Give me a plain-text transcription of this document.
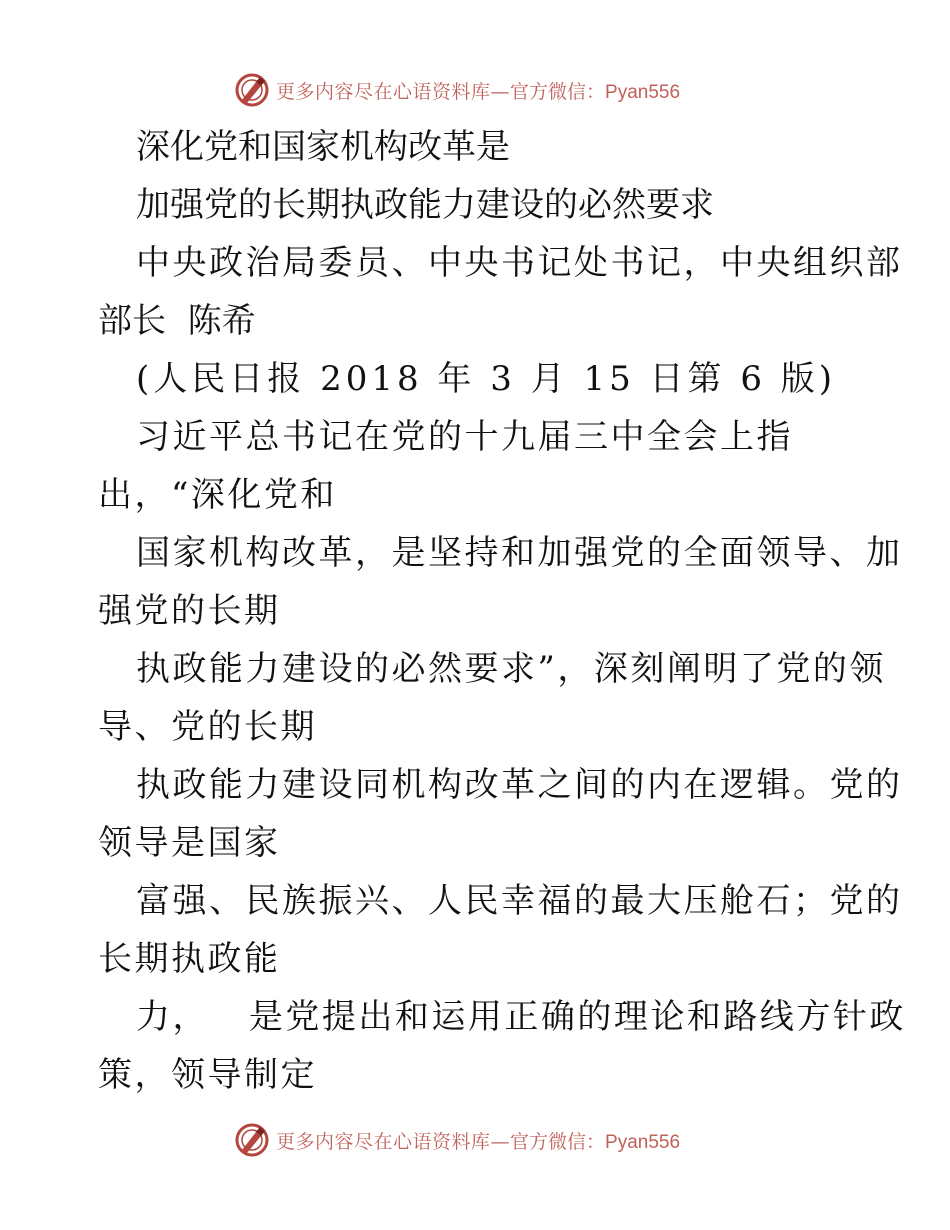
更多内容尽在心语资料库— 官方微信：Pyan556
深化党和国家机构改革是
加强党的长期执政能力建设的必然要求
中央政治局委员、中央书记处书记，中央组织部
部长  陈希
(人民日报 2018 年 3 月 15 日第 6 版)
习近平总书记在党的十九届三中全会上指
出，“深化党和
国家机构改革，是坚持和加强党的全面领导、加
强党的长期
执政能力建设的必然要求”，深刻阐明了党的领
导、党的长期
执政能力建设同机构改革之间的内在逻辑。党的
领导是国家
富强、民族振兴、人民幸福的最大压舱石；党的
长期执政能
力，   是党提出和运用正确的理论和路线方针政
策，领导制定
更多内容尽在心语资料库— 官方微信：Pyan556
